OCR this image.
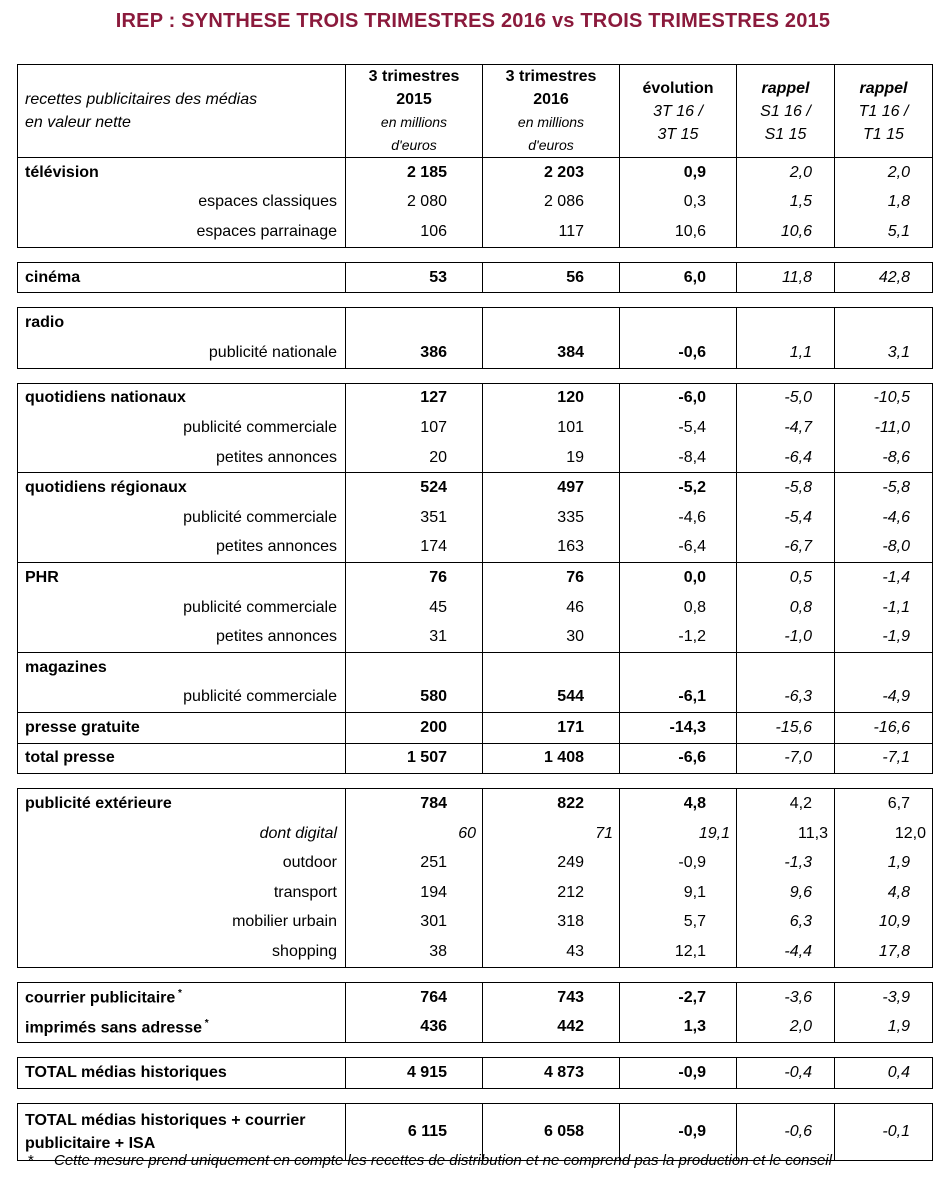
IREP : SYNTHESE TROIS TRIMESTRES 2016 vs TROIS TRIMESTRES 2015
recettes publicitaires des médias
en valeur nette	3 trimestres
2015
en millions
d'euros	3 trimestres
2016
en millions
d'euros	évolution
3T 16 /
3T 15	rappel
S1 16 /
S1 15	rappel
T1 16 /
T1 15
télévision	2 185	2 203	0,9	2,0	2,0
espaces classiques	2 080	2 086	0,3	1,5	1,8
espaces parrainage	106	117	10,6	10,6	5,1

cinéma	53	56	6,0	11,8	42,8

radio					
publicité nationale	386	384	-0,6	1,1	3,1

quotidiens nationaux	127	120	-6,0	-5,0	-10,5
publicité commerciale	107	101	-5,4	-4,7	-11,0
petites annonces	20	19	-8,4	-6,4	-8,6
quotidiens régionaux	524	497	-5,2	-5,8	-5,8
publicité commerciale	351	335	-4,6	-5,4	-4,6
petites annonces	174	163	-6,4	-6,7	-8,0
PHR	76	76	0,0	0,5	-1,4
publicité commerciale	45	46	0,8	0,8	-1,1
petites annonces	31	30	-1,2	-1,0	-1,9
magazines					
publicité commerciale	580	544	-6,1	-6,3	-4,9
presse gratuite	200	171	-14,3	-15,6	-16,6
total presse	1 507	1 408	-6,6	-7,0	-7,1

publicité extérieure	784	822	4,8	4,2	6,7
dont digital	60	71	19,1	11,3	12,0
outdoor	251	249	-0,9	-1,3	1,9
transport	194	212	9,1	9,6	4,8
mobilier urbain	301	318	5,7	6,3	10,9
shopping	38	43	12,1	-4,4	17,8

courrier publicitaire *	764	743	-2,7	-3,6	-3,9
imprimés sans adresse *	436	442	1,3	2,0	1,9

TOTAL médias historiques	4 915	4 873	-0,9	-0,4	0,4

TOTAL médias historiques + courrier
publicitaire + ISA	6 115	6 058	-0,9	-0,6	-0,1
* Cette mesure prend uniquement en compte les recettes de distribution et ne comprend pas la production et le conseil
